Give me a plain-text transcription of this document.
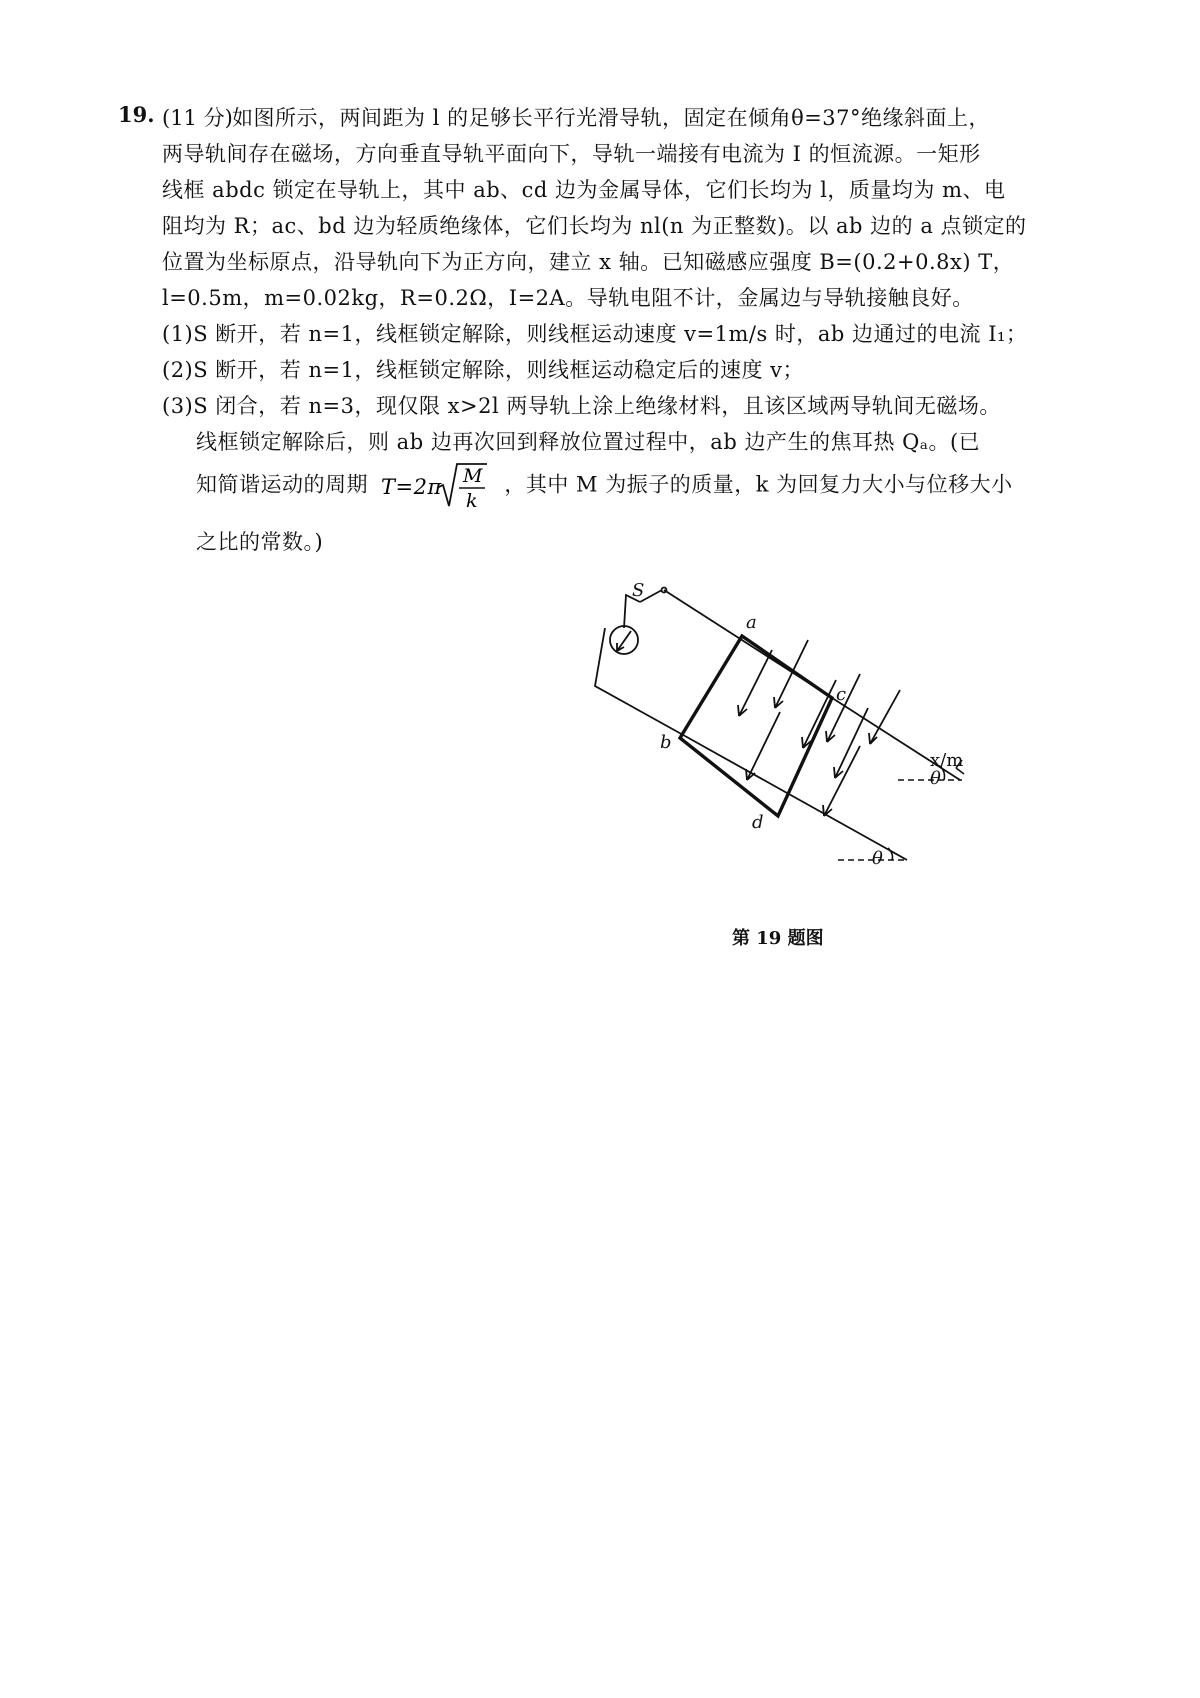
19. (11 分) 如图所示，两间距为 l 的足够长平行光滑导轨，固定在倾角θ=37°绝缘斜面上，
两导轨间存在磁场，方向垂直导轨平面向下，导轨一端接有电流为 I 的恒流源。一矩形
线框 abdc 锁定在导轨上，其中 ab、cd 边为金属导体，它们长均为 l，质量均为 m、电
阻均为 R；ac、bd 边为轻质绝缘体，它们长均为 nl(n 为正整数)。以 ab 边的 a 点锁定的
位置为坐标原点，沿导轨向下为正方向，建立 x 轴。已知磁感应强度 B=(0.2+0.8x) T，
l=0.5m，m=0.02kg，R=0.2Ω，I=2A。导轨电阻不计，金属边与导轨接触良好。
(1)S 断开，若 n=1，线框锁定解除，则线框运动速度 v=1m/s 时，ab 边通过的电流 I₁；
(2)S 断开，若 n=1，线框锁定解除，则线框运动稳定后的速度 v；
(3)S 闭合，若 n=3，现仅限 x>2l 两导轨上涂上绝缘材料，且该区域两导轨间无磁场。
线框锁定解除后，则 ab 边再次回到释放位置过程中，ab 边产生的焦耳热 Qₐ。(已
知简谐运动的周期 T=2π M
k
，其中 M 为振子的质量，k 为回复力大小与位移大小
之比的常数。)
S
a
c
b
d
x/m
θ
θ
第 19 题图
